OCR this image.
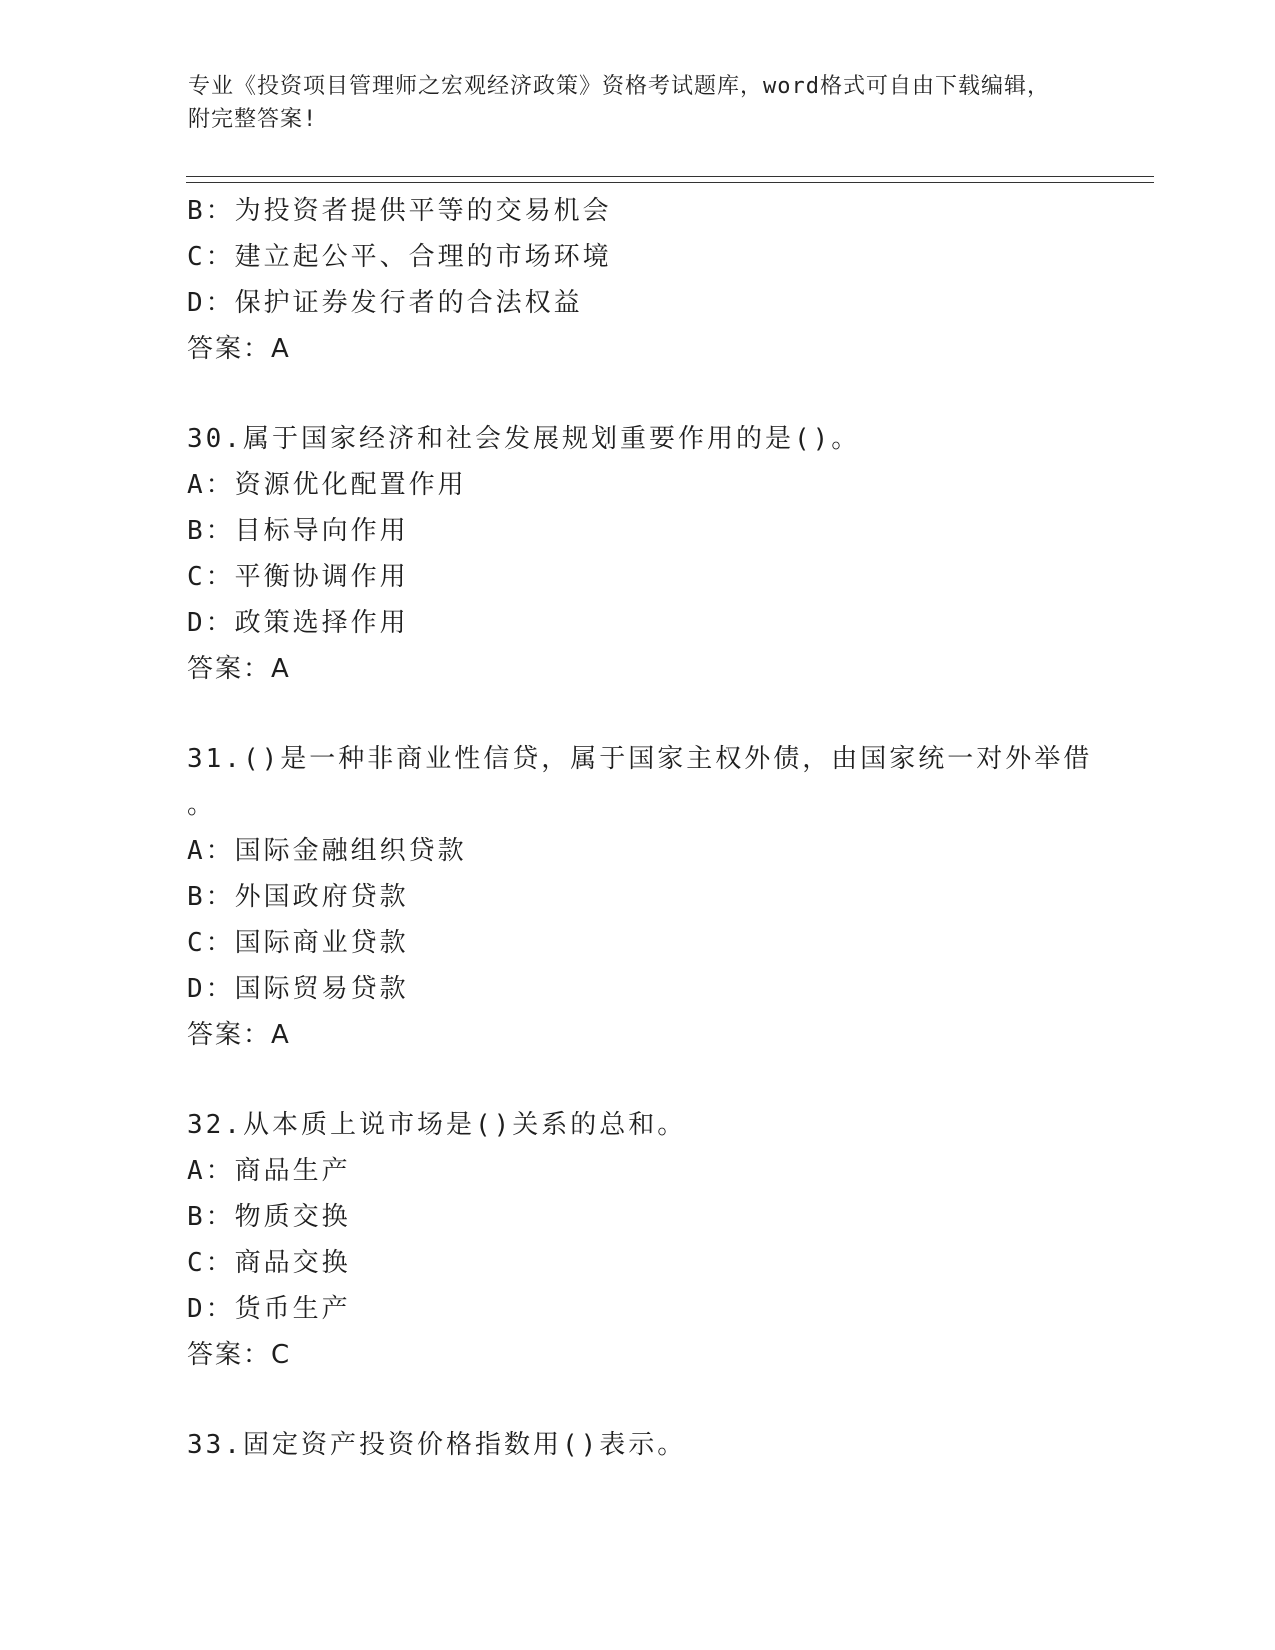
专业《投资项目管理师之宏观经济政策》资格考试题库，word格式可自由下载编辑，附完整答案!
B：为投资者提供平等的交易机会
C：建立起公平、合理的市场环境
D：保护证券发行者的合法权益
答案：A
30.属于国家经济和社会发展规划重要作用的是()。
A：资源优化配置作用
B：目标导向作用
C：平衡协调作用
D：政策选择作用
答案：A
31.()是一种非商业性信贷，属于国家主权外债，由国家统一对外举借
。
A：国际金融组织贷款
B：外国政府贷款
C：国际商业贷款
D：国际贸易贷款
答案：A
32.从本质上说市场是()关系的总和。
A：商品生产
B：物质交换
C：商品交换
D：货币生产
答案：C
33.固定资产投资价格指数用()表示。
